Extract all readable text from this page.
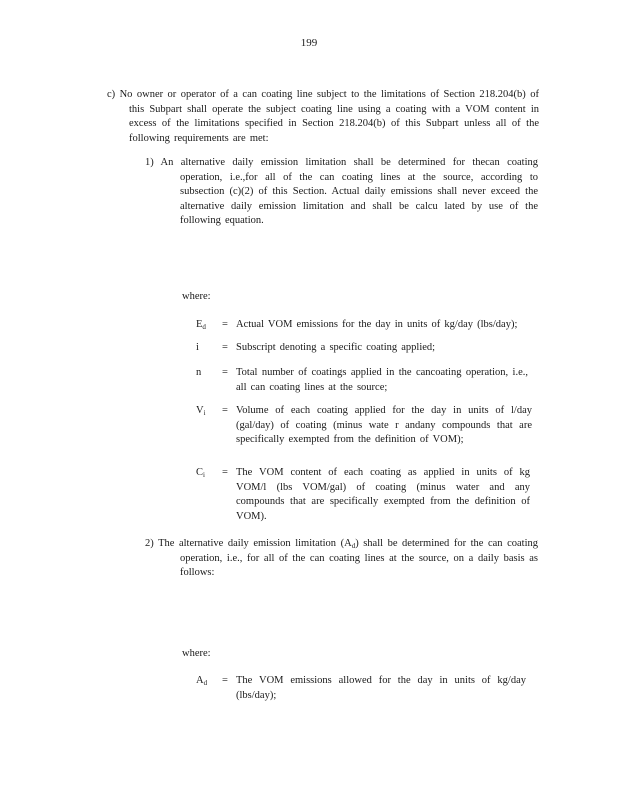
199
c) No owner or operator of a can coating line subject to the limitations of Section 218.204(b) of this Subpart shall operate the subject coating line using a coating with a VOM content in excess of the limitations specified in Section 218.204(b) of this Subpart unless all of the following requirements are met:
1) An alternative daily emission limitation shall be determined for thecan coating operation, i.e.,for all of the can coating lines at the source, according to subsection (c)(2) of this Section. Actual daily emissions shall never exceed the alternative daily emission limitation and shall be calcu lated by use of the following equation.
where:
$E_d$	= Actual VOM emissions for the day in units of kg/day (lbs/day);
i	= Subscript denoting a specific coating applied;
n	= Total number of coatings applied in the cancoating operation, i.e., all can coating lines at the source;
$V_i$	= Volume of each coating applied for the day in units of l/day (gal/day) of coating (minus wate r andany compounds that are specifically exempted from the definition of VOM);
$C_i$	= The VOM content of each coating as applied in units of kg VOM/l (lbs VOM/gal) of coating (minus water and any compounds that are specifically exempted from the definition of VOM).
2) The alternative daily emission limitation $(A_d)$ shall be determined for the can coating operation, i.e., for all of the can coating lines at the source, on a daily basis as follows:
where:
$A_d$	= The VOM emissions allowed for the day in units of kg/day (lbs/day);
